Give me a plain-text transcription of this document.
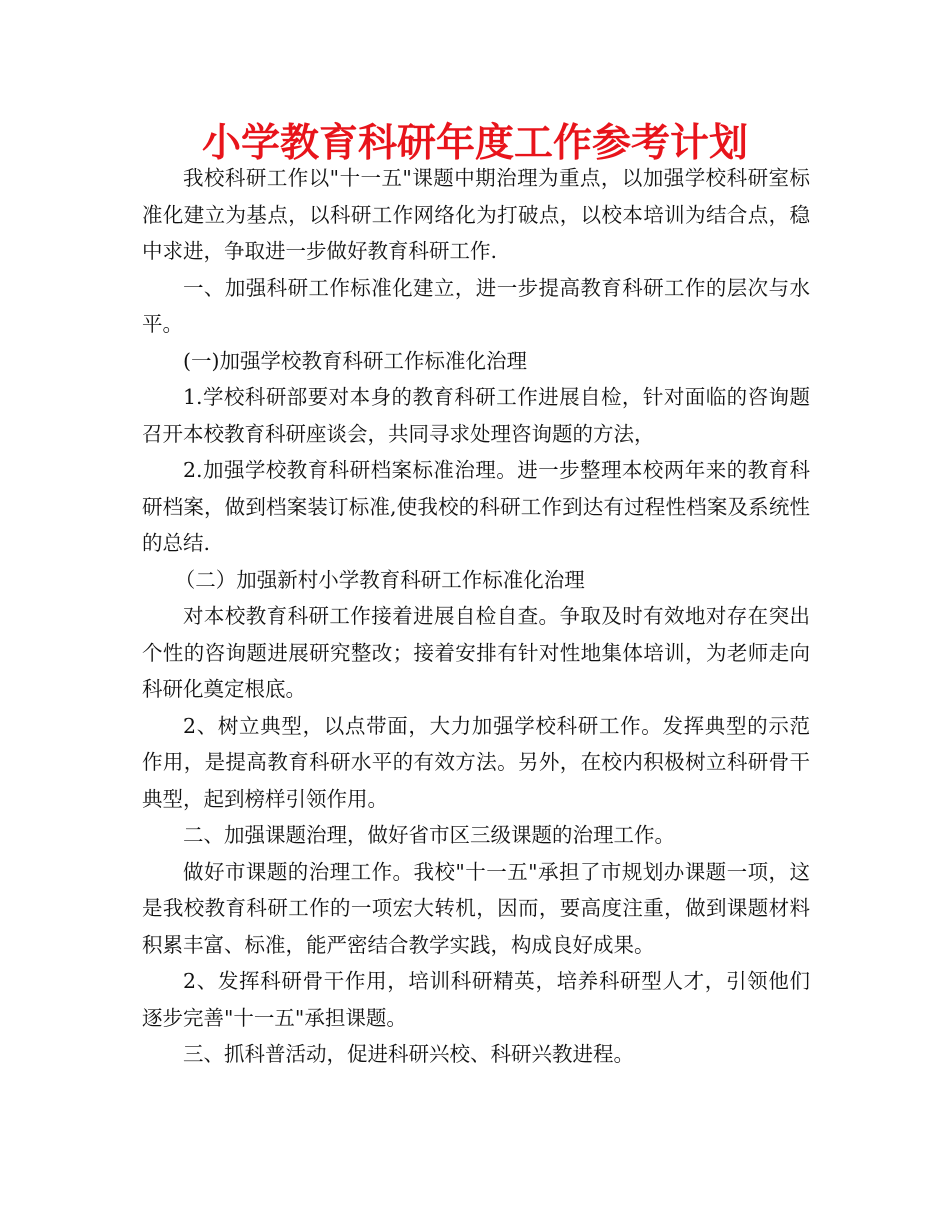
小学教育科研年度工作参考计划

我校科研工作以"十一五"课题中期治理为重点，以加强学校科研室标准化建立为基点，以科研工作网络化为打破点，以校本培训为结合点，稳中求进，争取进一步做好教育科研工作.

一、加强科研工作标准化建立，进一步提高教育科研工作的层次与水平。

(一)加强学校教育科研工作标准化治理

1.学校科研部要对本身的教育科研工作进展自检，针对面临的咨询题召开本校教育科研座谈会，共同寻求处理咨询题的方法，

2.加强学校教育科研档案标准治理。进一步整理本校两年来的教育科研档案，做到档案装订标准,使我校的科研工作到达有过程性档案及系统性的总结.

（二）加强新村小学教育科研工作标准化治理

对本校教育科研工作接着进展自检自查。争取及时有效地对存在突出个性的咨询题进展研究整改；接着安排有针对性地集体培训，为老师走向科研化奠定根底。

2、树立典型，以点带面，大力加强学校科研工作。发挥典型的示范作用，是提高教育科研水平的有效方法。另外，在校内积极树立科研骨干典型，起到榜样引领作用。

二、加强课题治理，做好省市区三级课题的治理工作。

做好市课题的治理工作。我校"十一五"承担了市规划办课题一项，这是我校教育科研工作的一项宏大转机，因而，要高度注重，做到课题材料积累丰富、标准，能严密结合教学实践，构成良好成果。

2、发挥科研骨干作用，培训科研精英，培养科研型人才，引领他们逐步完善"十一五"承担课题。

三、抓科普活动，促进科研兴校、科研兴教进程。
